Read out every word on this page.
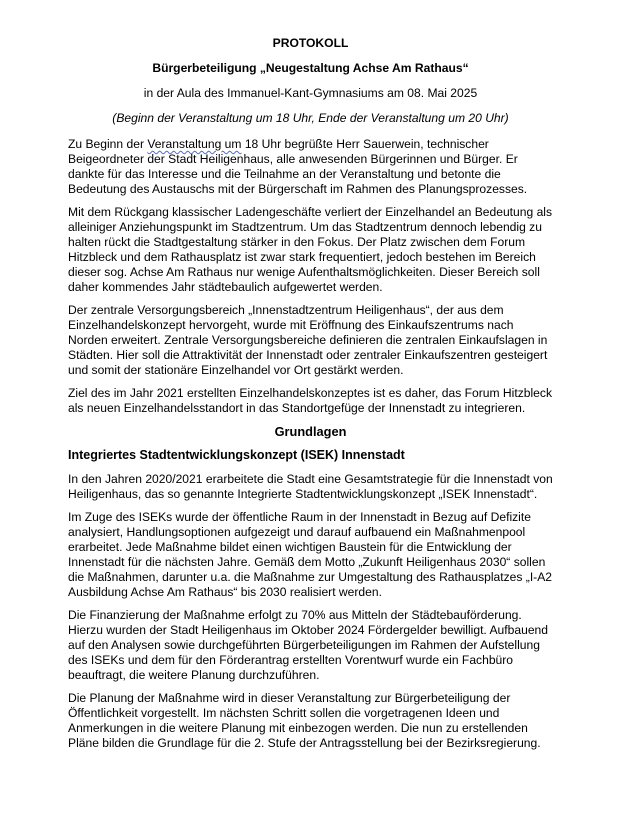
PROTOKOLL
Bürgerbeteiligung „Neugestaltung Achse Am Rathaus“
in der Aula des Immanuel-Kant-Gymnasiums am 08. Mai 2025
(Beginn der Veranstaltung um 18 Uhr, Ende der Veranstaltung um 20 Uhr)

Zu Beginn der Veranstaltung um 18 Uhr begrüßte Herr Sauerwein, technischer Beigeordneter der Stadt Heiligenhaus, alle anwesenden Bürgerinnen und Bürger. Er dankte für das Interesse und die Teilnahme an der Veranstaltung und betonte die Bedeutung des Austauschs mit der Bürgerschaft im Rahmen des Planungsprozesses.

Mit dem Rückgang klassischer Ladengeschäfte verliert der Einzelhandel an Bedeutung als alleiniger Anziehungspunkt im Stadtzentrum. Um das Stadtzentrum dennoch lebendig zu halten rückt die Stadtgestaltung stärker in den Fokus. Der Platz zwischen dem Forum Hitzbleck und dem Rathausplatz ist zwar stark frequentiert, jedoch bestehen im Bereich dieser sog. Achse Am Rathaus nur wenige Aufenthaltsmöglichkeiten. Dieser Bereich soll daher kommendes Jahr städtebaulich aufgewertet werden.

Der zentrale Versorgungsbereich „Innenstadtzentrum Heiligenhaus“, der aus dem Einzelhandelskonzept hervorgeht, wurde mit Eröffnung des Einkaufszentrums nach Norden erweitert. Zentrale Versorgungsbereiche definieren die zentralen Einkaufslagen in Städten. Hier soll die Attraktivität der Innenstadt oder zentraler Einkaufszentren gesteigert und somit der stationäre Einzelhandel vor Ort gestärkt werden.

Ziel des im Jahr 2021 erstellten Einzelhandelskonzeptes ist es daher, das Forum Hitzbleck als neuen Einzelhandelsstandort in das Standortgefüge der Innenstadt zu integrieren.

Grundlagen
Integriertes Stadtentwicklungskonzept (ISEK) Innenstadt

In den Jahren 2020/2021 erarbeitete die Stadt eine Gesamtstrategie für die Innenstadt von Heiligenhaus, das so genannte Integrierte Stadtentwicklungskonzept „ISEK Innenstadt“.

Im Zuge des ISEKs wurde der öffentliche Raum in der Innenstadt in Bezug auf Defizite analysiert, Handlungsoptionen aufgezeigt und darauf aufbauend ein Maßnahmenpool erarbeitet. Jede Maßnahme bildet einen wichtigen Baustein für die Entwicklung der Innenstadt für die nächsten Jahre. Gemäß dem Motto „Zukunft Heiligenhaus 2030“ sollen die Maßnahmen, darunter u.a. die Maßnahme zur Umgestaltung des Rathausplatzes „I-A2 Ausbildung Achse Am Rathaus“ bis 2030 realisiert werden.

Die Finanzierung der Maßnahme erfolgt zu 70% aus Mitteln der Städtebauförderung. Hierzu wurden der Stadt Heiligenhaus im Oktober 2024 Fördergelder bewilligt. Aufbauend auf den Analysen sowie durchgeführten Bürgerbeteiligungen im Rahmen der Aufstellung des ISEKs und dem für den Förderantrag erstellten Vorentwurf wurde ein Fachbüro beauftragt, die weitere Planung durchzuführen.

Die Planung der Maßnahme wird in dieser Veranstaltung zur Bürgerbeteiligung der Öffentlichkeit vorgestellt. Im nächsten Schritt sollen die vorgetragenen Ideen und Anmerkungen in die weitere Planung mit einbezogen werden. Die nun zu erstellenden Pläne bilden die Grundlage für die 2. Stufe der Antragsstellung bei der Bezirksregierung.
